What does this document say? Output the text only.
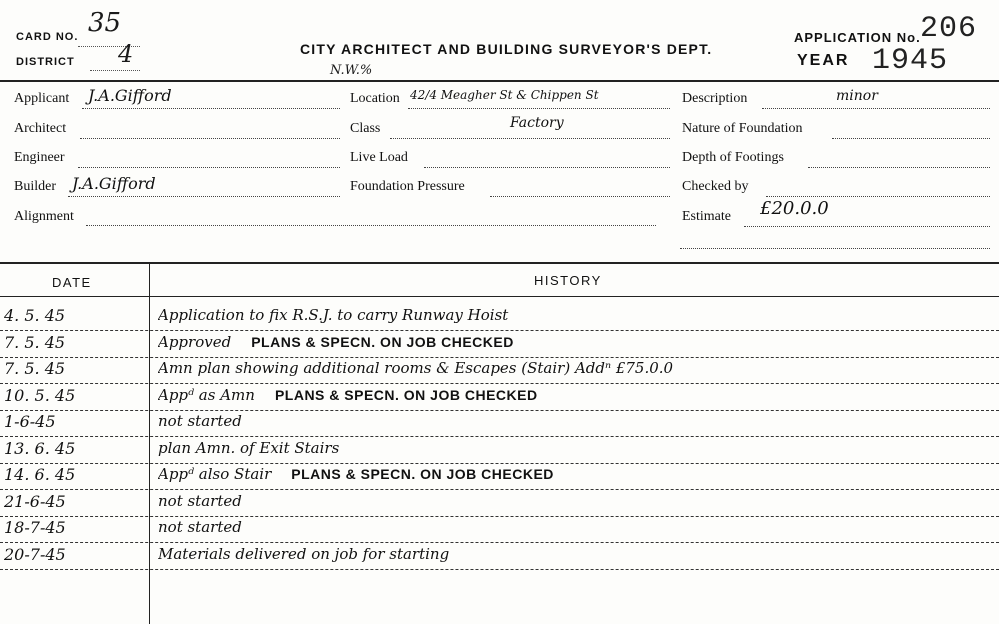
CARD NO. 35
DISTRICT 4	CITY ARCHITECT AND BUILDING SURVEYOR'S DEPT.
N.W.%
APPLICATION No. 206
YEAR 1945
Applicant J.A.Gifford
Architect
Engineer
Builder J.A.Gifford
Alignment
Location 42/4 Meagher St & Chippen St
Class	Factory
Live Load
Foundation Pressure
Description	minor
Nature of Foundation
Depth of Footings
Checked by
Estimate £20.0.0
DATE	HISTORY
4. 5. 45	Application to fix R.S.J. to carry Runway Hoist
7. 5. 45	Approved PLANS & SPECN. ON JOB CHECKED
7. 5. 45	Amn plan showing additional rooms & Escapes (Stair) Addⁿ £75.0.0
10. 5. 45	Appᵈ as Amn PLANS & SPECN. ON JOB CHECKED
1-6-45	not started
13. 6. 45	plan Amn. of Exit Stairs
14. 6. 45	Appᵈ also Stair PLANS & SPECN. ON JOB CHECKED
21-6-45	not started
18-7-45	not started
20-7-45	Materials delivered on job for starting
